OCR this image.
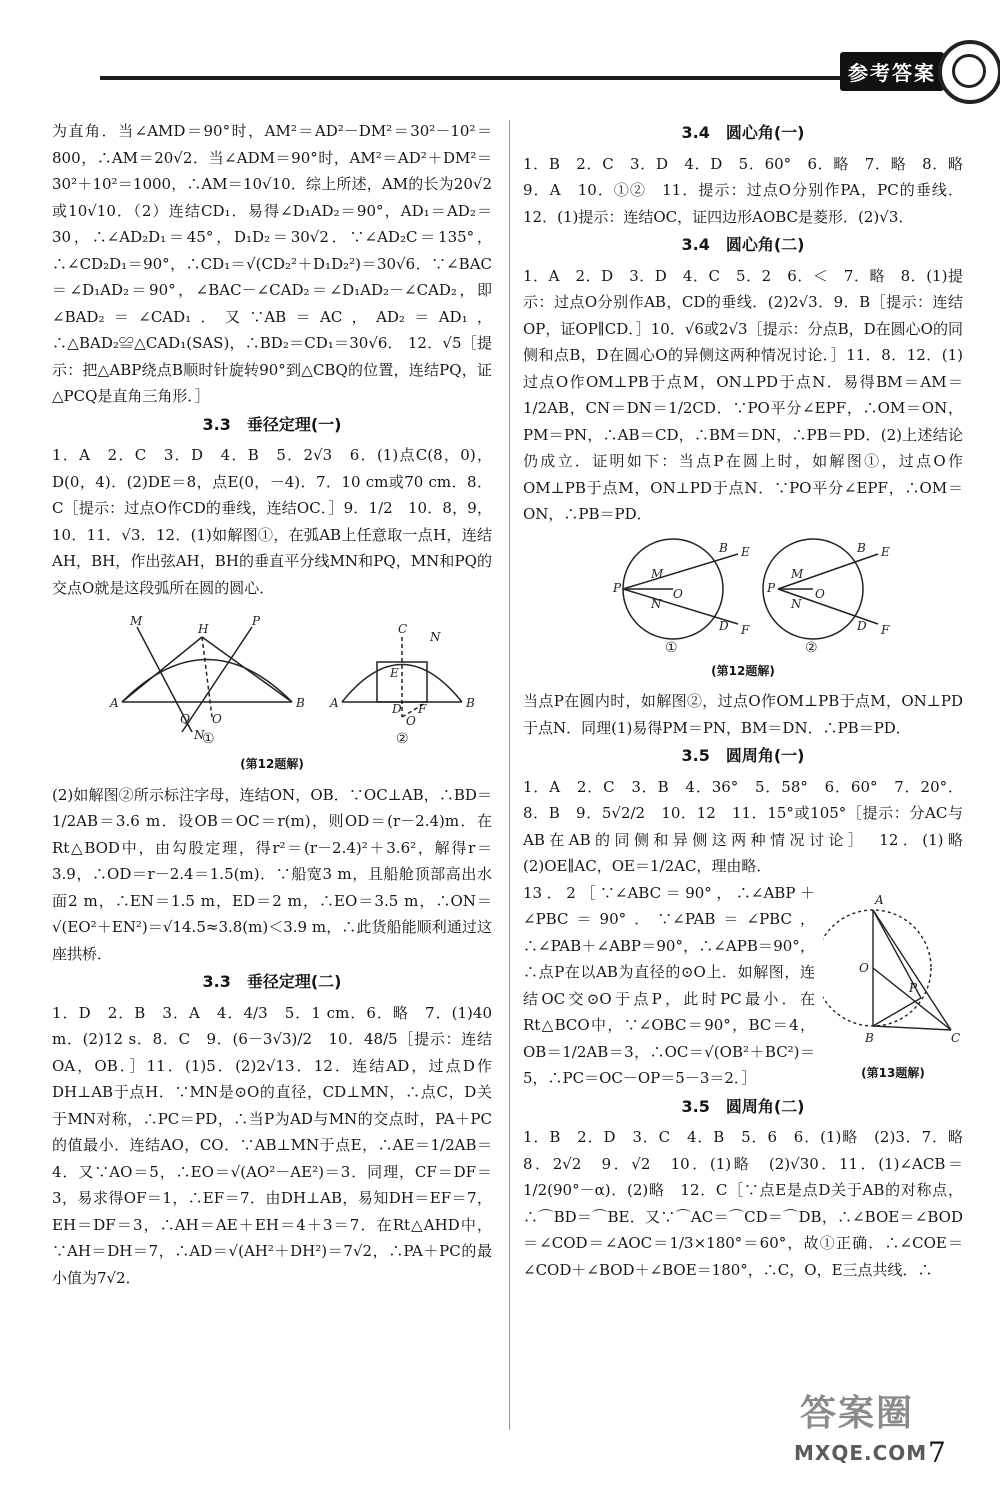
参考答案

为直角．当∠AMD＝90°时，AM²＝AD²－DM²＝30²－10²＝800，∴AM＝20√2．当∠ADM＝90°时，AM²＝AD²＋DM²＝30²＋10²＝1000，∴AM＝10√10．综上所述，AM的长为20√2或10√10．（2）连结CD₁．易得∠D₁AD₂＝90°，AD₁＝AD₂＝30，∴∠AD₂D₁＝45°，D₁D₂＝30√2．∵∠AD₂C＝135°，∴∠CD₂D₁＝90°，∴CD₁＝√(CD₂²＋D₁D₂²)＝30√6．∵∠BAC＝∠D₁AD₂＝90°，∠BAC－∠CAD₂＝∠D₁AD₂－∠CAD₂，即∠BAD₂＝∠CAD₁．又∵AB＝AC，AD₂＝AD₁，∴△BAD₂≌△CAD₁(SAS)，∴BD₂＝CD₁＝30√6． 12．√5［提示：把△ABP绕点B顺时针旋转90°到△CBQ的位置，连结PQ，证△PCQ是直角三角形．］

3.3　垂径定理(一)

1．A　2．C　3．D　4．B　5．2√3　6．(1)点C(8，0)，D(0，4)．(2)DE＝8，点E(0，－4)．7．10 cm或70 cm．8．C［提示：过点O作CD的垂线，连结OC．］9．1/2　10．8，9，10．11．√3．12．(1)如解图①，在弧AB上任意取一点H，连结AH，BH，作出弦AH，BH的垂直平分线MN和PQ，MN和PQ的交点O就是这段弧所在圆的圆心．

M
H
P
A	B
Q O
N
C
N
E
A	D F	B
O
①	②
(第12题解)

(2)如解图②所示标注字母，连结ON，OB．∵OC⊥AB，∴BD＝1/2AB＝3.6 m．设OB＝OC＝r(m)，则OD＝(r－2.4)m．在Rt△BOD中，由勾股定理，得r²＝(r－2.4)²＋3.6²，解得r＝3.9，∴OD＝r－2.4＝1.5(m)．∵船宽3 m，且船舱顶部高出水面2 m，∴EN＝1.5 m，ED＝2 m，∴EO＝3.5 m，∴ON＝√(EO²＋EN²)＝√14.5≈3.8(m)＜3.9 m，∴此货船能顺利通过这座拱桥．

3.3　垂径定理(二)

1．D　2．B　3．A　4．4/3　5．1 cm．6．略　7．(1)40 m．(2)12 s．8．C　9．(6－3√3)/2　10．48/5［提示：连结OA，OB．］11．(1)5．(2)2√13．12．连结AD，过点D作DH⊥AB于点H．∵MN是⊙O的直径，CD⊥MN，∴点C，D关于MN对称，∴PC＝PD，∴当P为AD与MN的交点时，PA＋PC的值最小．连结AO，CO．∵AB⊥MN于点E，∴AE＝1/2AB＝4．又∵AO＝5，∴EO＝√(AO²－AE²)＝3．同理，CF＝DF＝3，易求得OF＝1，∴EF＝7．由DH⊥AB，易知DH＝EF＝7，EH＝DF＝3，∴AH＝AE＋EH＝4＋3＝7．在Rt△AHD中，∵AH＝DH＝7，∴AD＝√(AH²＋DH²)＝7√2，∴PA＋PC的最小值为7√2．

3.4　圆心角(一)

1．B　2．C　3．D　4．D　5．60°　6．略　7．略　8．略　9．A　10．①②　11．提示：过点O分别作PA，PC的垂线．12．(1)提示：连结OC，证四边形AOBC是菱形．(2)√3．

3.4　圆心角(二)

1．A　2．D　3．D　4．C　5．2　6．＜　7．略　8．(1)提示：过点O分别作AB，CD的垂线．(2)2√3．9．B［提示：连结OP，证OP∥CD．］10．√6或2√3［提示：分点B，D在圆心O的同侧和点B，D在圆心O的异侧这两种情况讨论．］11．8．12．(1)过点O作OM⊥PB于点M，ON⊥PD于点N．易得BM＝AM＝1/2AB，CN＝DN＝1/2CD．∵PO平分∠EPF，∴OM＝ON，PM＝PN，∴AB＝CD，∴BM＝DN，∴PB＝PD．(2)上述结论仍成立．证明如下：当点P在圆上时，如解图①，过点O作OM⊥PB于点M，ON⊥PD于点N．∵PO平分∠EPF，∴OM＝ON，∴PB＝PD．

P
M
O
N
B E
D F
P
M
O
N
B E
D F
①	②
(第12题解)

当点P在圆内时，如解图②，过点O作OM⊥PB于点M，ON⊥PD于点N．同理(1)易得PM＝PN，BM＝DN．∴PB＝PD．

3.5　圆周角(一)

1．A　2．C　3．B　4．36°　5．58°　6．60°　7．20°．8．B　9．5√2/2　10．12　11．15°或105°［提示：分AC与AB在AB的同侧和异侧这两种情况讨论］　12．(1)略　(2)OE∥AC，OE＝1/2AC，理由略．

A
O
P
B	C
(第13题解)

13．2［∵∠ABC＝90°，∴∠ABP＋∠PBC＝90°．∵∠PAB＝∠PBC，∴∠PAB＋∠ABP＝90°，∴∠APB＝90°，∴点P在以AB为直径的⊙O上．如解图，连结OC交⊙O于点P，此时PC最小．在Rt△BCO中，∵∠OBC＝90°，BC＝4，OB＝1/2AB＝3，∴OC＝√(OB²＋BC²)＝5，∴PC＝OC－OP＝5－3＝2．］

3.5　圆周角(二)

1．B　2．D　3．C　4．B　5．6　6．(1)略　(2)3．7．略　8．2√2　9．√2　10．(1)略　(2)√30．11．(1)∠ACB＝1/2(90°－α)．(2)略　12．C［∵点E是点D关于AB的对称点，∴⌒BD＝⌒BE．又∵⌒AC＝⌒CD＝⌒DB，∴∠BOE＝∠BOD＝∠COD＝∠AOC＝1/3×180°＝60°，故①正确．∴∠COE＝∠COD＋∠BOD＋∠BOE＝180°，∴C，O，E三点共线．∴

7
答案圈
MXQE.COM
